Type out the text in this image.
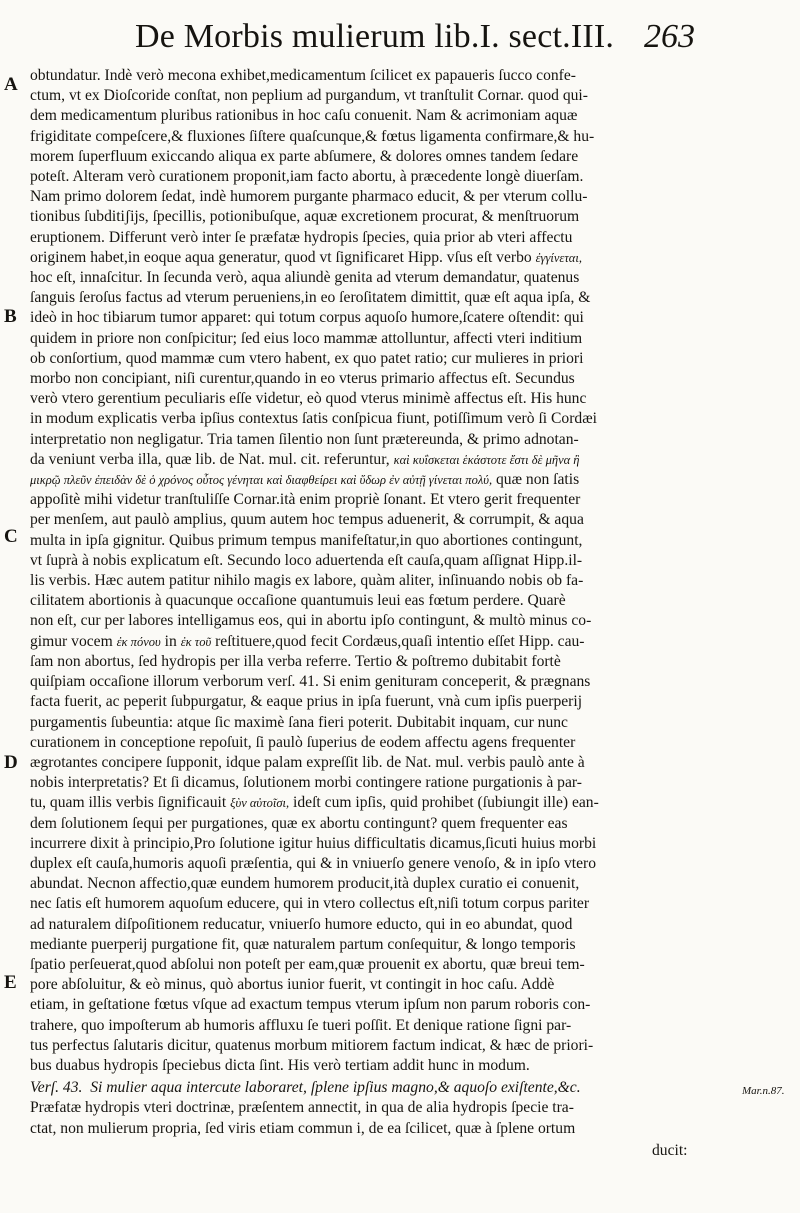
De Morbis mulierum lib.I. sect.III. 263
A
B
C
D
E
obtundatur. Indè verò mecona exhibet,medicamentum ſcilicet ex papaueris ſucco confe-
ctum, vt ex Dioſcoride conſtat, non peplium ad purgandum, vt tranſtulit Cornar. quod qui-
dem medicamentum pluribus rationibus in hoc caſu conuenit. Nam & acrimoniam aquæ
frigiditate compeſcere,& fluxiones ſiſtere quaſcunque,& fœtus ligamenta confirmare,& hu-
morem ſuperfluum exiccando aliqua ex parte abſumere, & dolores omnes tandem ſedare
poteſt. Alteram verò curationem proponit,iam facto abortu, à præcedente longè diuerſam.
Nam primo dolorem ſedat, indè humorem purgante pharmaco educit, & per vterum collu-
tionibus ſubditiʃijs, ſpecillis, potionibuſque, aquæ excretionem procurat, & menſtruorum
eruptionem. Differunt verò inter ſe præfatæ hydropis ſpecies, quia prior ab vteri affectu
originem habet,in eoque aqua generatur, quod vt ſignificaret Hipp. vſus eſt verbo ἐγγίνεται,
hoc eſt, innaſcitur. In ſecunda verò, aqua aliundè genita ad vterum demandatur, quatenus
ſanguis ſeroſus factus ad vterum perueniens,in eo ſeroſitatem dimittit, quæ eſt aqua ipſa, &
ideò in hoc tibiarum tumor apparet: qui totum corpus aquoſo humore,ſcatere oſtendit: qui
quidem in priore non conſpicitur; ſed eius loco mammæ attolluntur, affecti vteri inditium
ob conſortium, quod mammæ cum vtero habent, ex quo patet ratio; cur mulieres in priori
morbo non concipiant, niſi curentur,quando in eo vterus primario affectus eſt. Secundus
verò vtero gerentium peculiaris eſſe videtur, eò quod vterus minimè affectus eſt. His hunc
in modum explicatis verba ipſius contextus ſatis conſpicua fiunt, potiſſimum verò ſi Cordæi
interpretatio non negligatur. Tria tamen ſilentio non ſunt prætereunda, & primo adnotan-
da veniunt verba illa, quæ lib. de Nat. mul. cit. referuntur, καὶ κυΐσκεται ἑκάστοτε ἔστι δὲ μῆνα ἢ
μικρῷ πλεῦν ἐπειδὰν δὲ ὁ χρόνος οὗτος γένηται καὶ διαφθείρει καὶ ὕδωρ ἐν αὐτῇ γίνεται πολύ, quæ non ſatis
appoſitè mihi videtur tranſtuliſſe Cornar.ità enim propriè ſonant. Et vtero gerit frequenter
per menſem, aut paulò amplius, quum autem hoc tempus aduenerit, & corrumpit, & aqua
multa in ipſa gignitur. Quibus primum tempus manifeſtatur,in quo abortiones contingunt,
vt ſuprà à nobis explicatum eſt. Secundo loco aduertenda eſt cauſa,quam aſſignat Hipp.il-
lis verbis. Hæc autem patitur nihilo magis ex labore, quàm aliter, inſinuando nobis ob fa-
cilitatem abortionis à quacunque occaſione quantumuis leui eas fœtum perdere. Quarè
non eſt, cur per labores intelligamus eos, qui in abortu ipſo contingunt, & multò minus co-
gimur vocem ἐκ πόνου in ἐκ τοῦ reſtituere,quod fecit Cordæus,quaſi intentio eſſet Hipp. cau-
ſam non abortus, ſed hydropis per illa verba referre. Tertio & poſtremo dubitabit fortè
quiſpiam occaſione illorum verborum verſ. 41. Si enim genituram conceperit, & prægnans
facta fuerit, ac peperit ſubpurgatur, & eaque prius in ipſa fuerunt, vnà cum ipſis puerperij
purgamentis ſubeuntia: atque ſic maximè ſana fieri poterit. Dubitabit inquam, cur nunc
curationem in conceptione repoſuit, ſi paulò ſuperius de eodem affectu agens frequenter
ægrotantes concipere ſupponit, idque palam expreſſit lib. de Nat. mul. verbis paulò ante à
nobis interpretatis? Et ſi dicamus, ſolutionem morbi contingere ratione purgationis à par-
tu, quam illis verbis ſignificauit ξὺν αὐτοῖσι, ideſt cum ipſis, quid prohibet (ſubiungit ille) ean-
dem ſolutionem ſequi per purgationes, quæ ex abortu contingunt? quem frequenter eas
incurrere dixit à principio,Pro ſolutione igitur huius difficultatis dicamus,ſicuti huius morbi
duplex eſt cauſa,humoris aquoſi præſentia, qui & in vniuerſo genere venoſo, & in ipſo vtero
abundat. Necnon affectio,quæ eundem humorem producit,ità duplex curatio ei conuenit,
nec ſatis eſt humorem aquoſum educere, qui in vtero collectus eſt,niſi totum corpus pariter
ad naturalem diſpoſitionem reducatur, vniuerſo humore educto, qui in eo abundat, quod
mediante puerperij purgatione fit, quæ naturalem partum conſequitur, & longo temporis
ſpatio perſeuerat,quod abſolui non poteſt per eam,quæ prouenit ex abortu, quæ breui tem-
pore abſoluitur, & eò minus, quò abortus iunior fuerit, vt contingit in hoc caſu. Addè
etiam, in geſtatione fœtus vſque ad exactum tempus vterum ipſum non parum roboris con-
trahere, quo impoſterum ab humoris affluxu ſe tueri poſſit. Et denique ratione ſigni par-
tus perfectus ſalutaris dicitur, quatenus morbum mitiorem factum indicat, & hæc de priori-
bus duabus hydropis ſpeciebus dicta ſint. His verò tertiam addit hunc in modum.
Verſ. 43. Si mulier aqua intercute laboraret, ſplene ipſius magno,& aquoſo exiſtente,&c.
Præfatæ hydropis vteri doctrinæ, præſentem annectit, in qua de alia hydropis ſpecie tra-
ctat, non mulierum propria, ſed viris etiam commun i, de ea ſcilicet, quæ à ſplene ortum
Mar.n.87.
ducit:
